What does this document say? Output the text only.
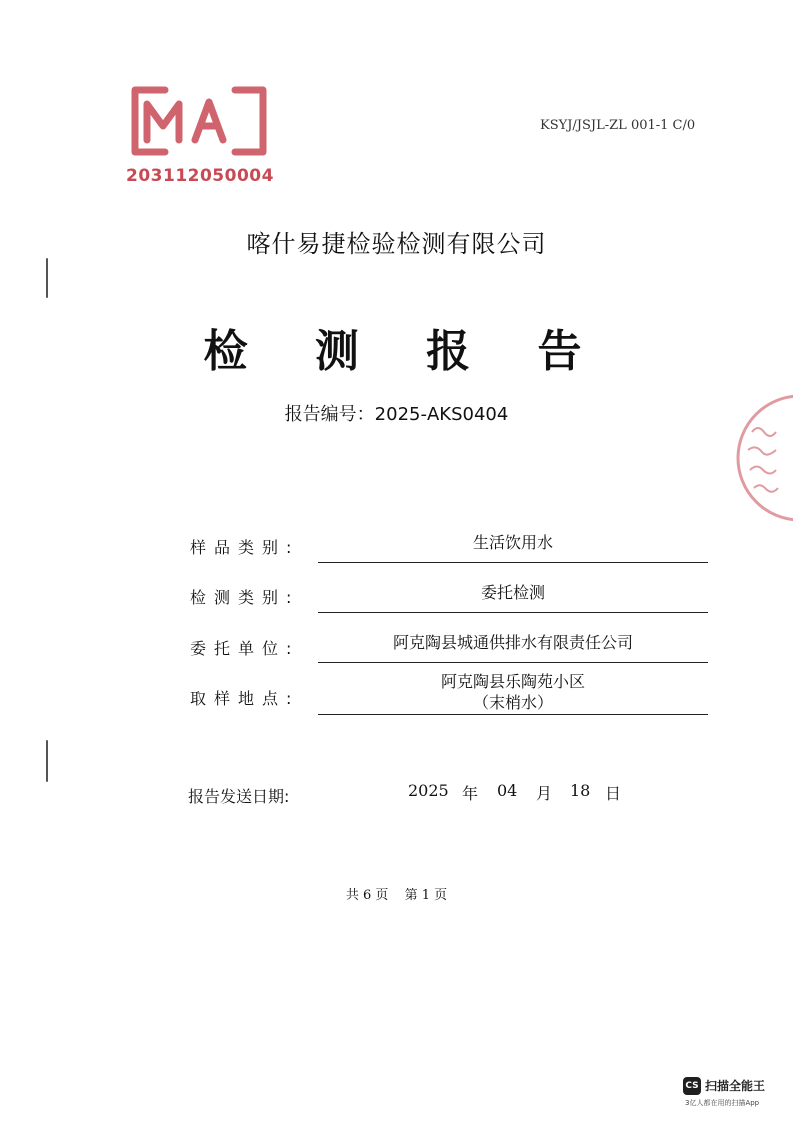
203112050004
KSYJ/JSJL-ZL 001-1 C/0
喀什易捷检验检测有限公司
检 测 报 告
报告编号：2025-AKS0404
样品类别:	生活饮用水
检测类别:	委托检测
委托单位:	阿克陶县城通供排水有限责任公司
取样地点:
阿克陶县乐陶苑小区
（末梢水）
报告发送日期:	2025 年 04 月 18 日
共 6 页 第 1 页
CS 扫描全能王
3亿人都在用的扫描App
